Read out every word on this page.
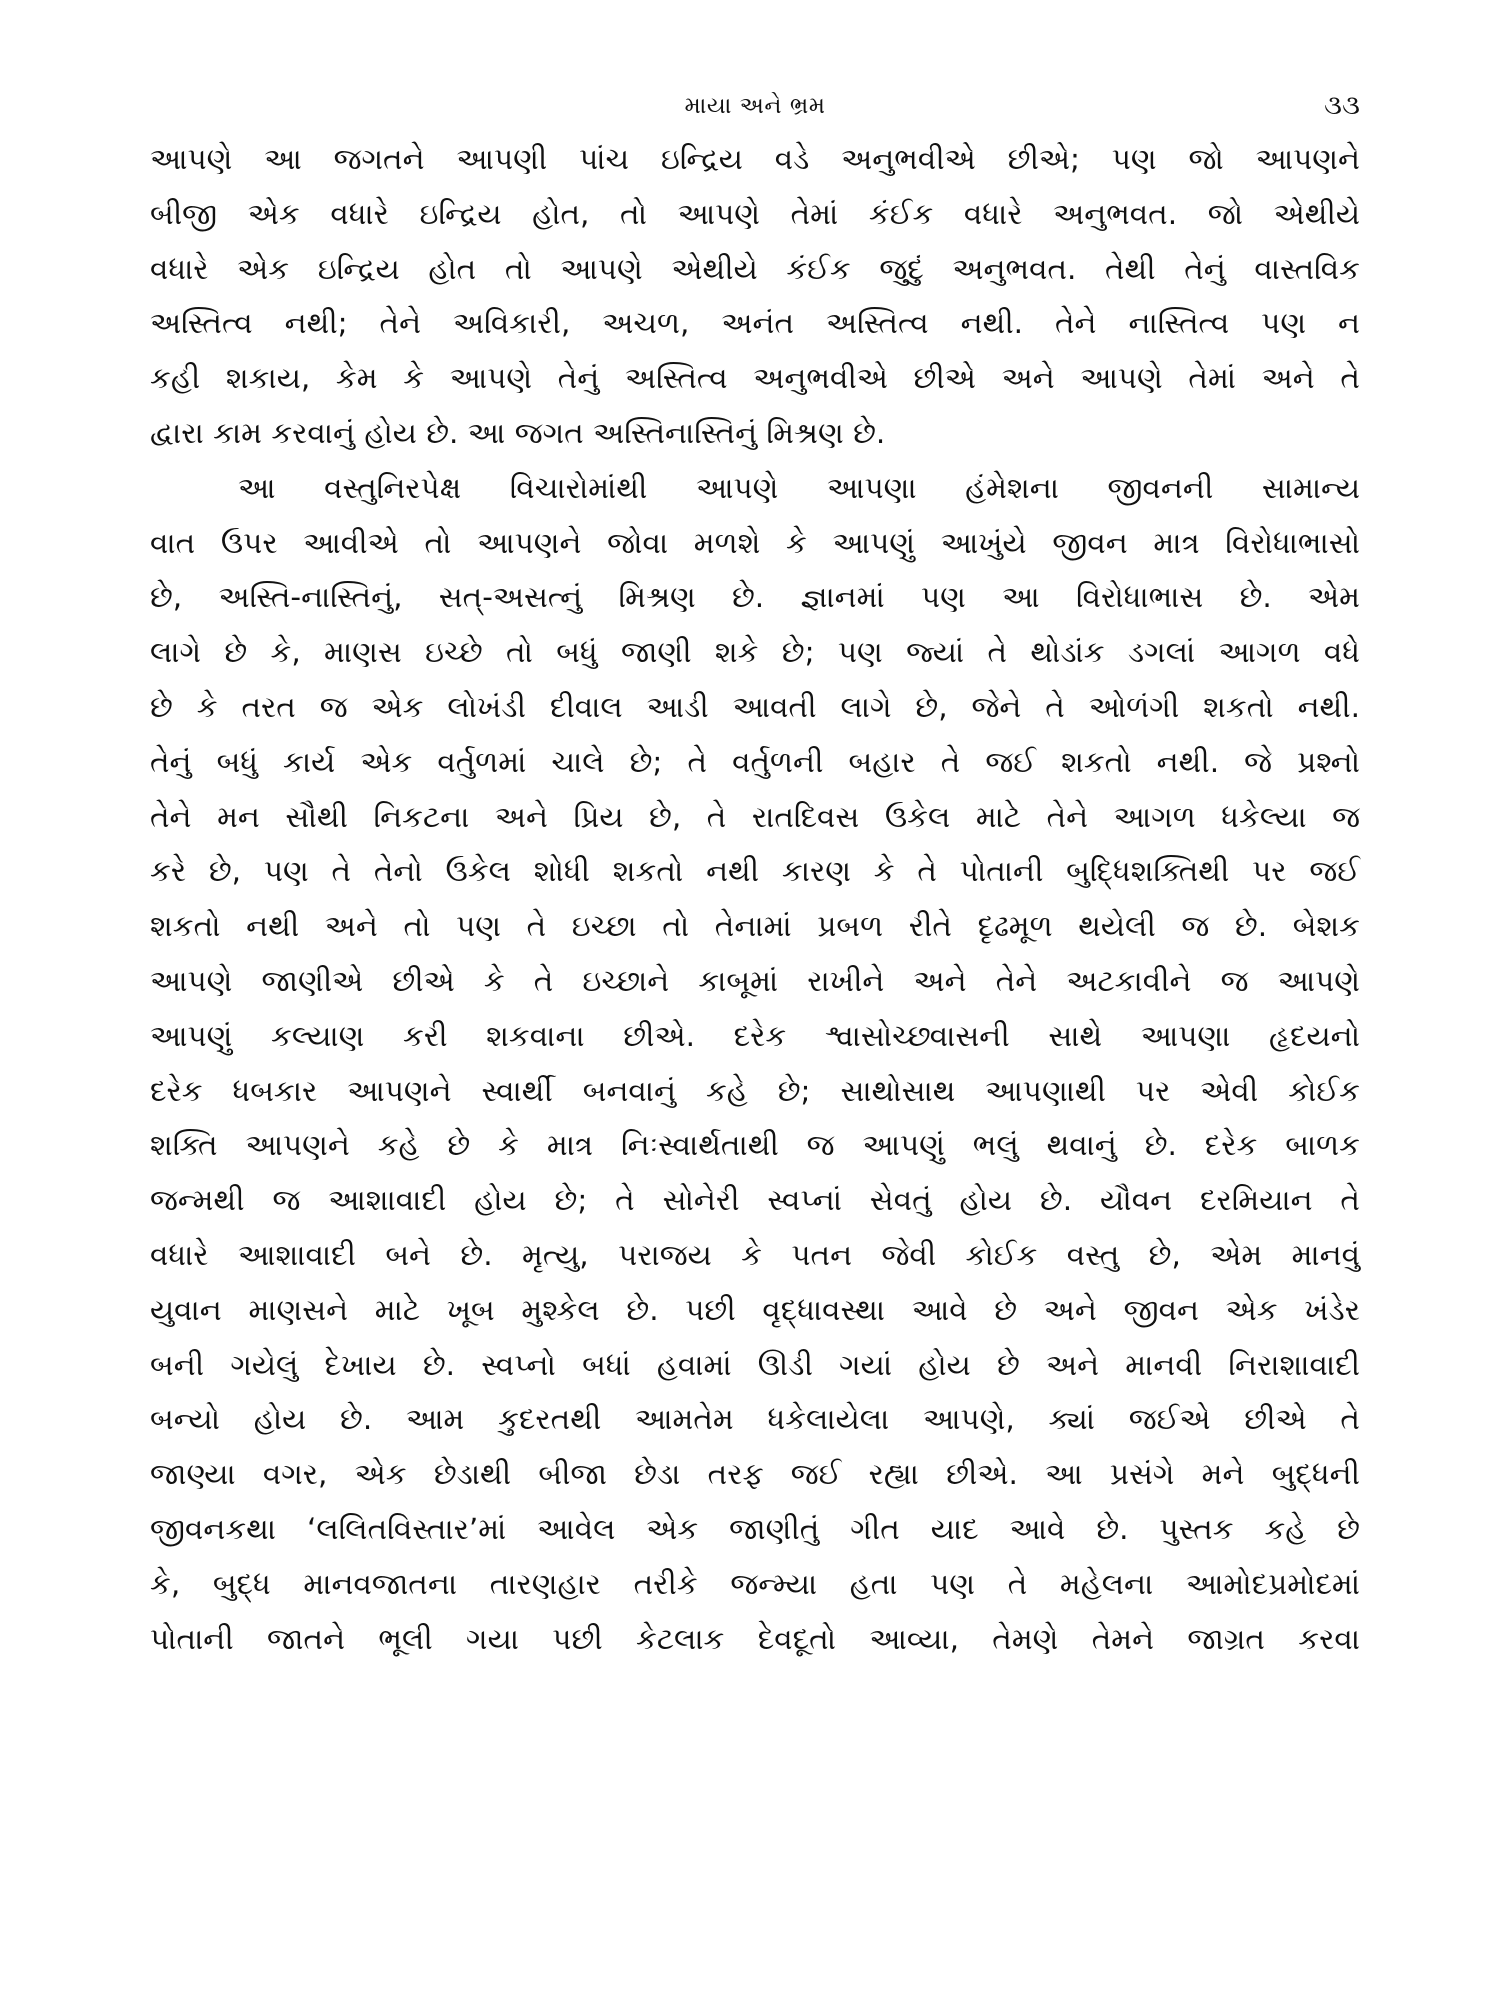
માયા અને ભ્રમ	૩૩
આપણે આ જગતને આપણી પાંચ ઇન્દ્રિય વડે અનુભવીએ છીએ; પણ જો આપણને
બીજી એક વધારે ઇન્દ્રિય હોત, તો આપણે તેમાં કંઈક વધારે અનુભવત. જો એથીયે
વધારે એક ઇન્દ્રિય હોત તો આપણે એથીયે કંઈક જુદું અનુભવત. તેથી તેનું વાસ્તવિક
અસ્તિત્વ નથી; તેને અવિકારી, અચળ, અનંત અસ્તિત્વ નથી. તેને નાસ્તિત્વ પણ ન
કહી શકાય, કેમ કે આપણે તેનું અસ્તિત્વ અનુભવીએ છીએ અને આપણે તેમાં અને તે
દ્વારા કામ કરવાનું હોય છે. આ જગત અસ્તિનાસ્તિનું મિશ્રણ છે.
આ વસ્તુનિરપેક્ષ વિચારોમાંથી આપણે આપણા હંમેશના જીવનની સામાન્ય
વાત ઉપર આવીએ તો આપણને જોવા મળશે કે આપણું આખુંયે જીવન માત્ર વિરોધાભાસો
છે, અસ્તિ-નાસ્તિનું, સત્-અસત્નું મિશ્રણ છે. જ્ઞાનમાં પણ આ વિરોધાભાસ છે. એમ
લાગે છે કે, માણસ ઇચ્છે તો બધું જાણી શકે છે; પણ જ્યાં તે થોડાંક ડગલાં આગળ વધે
છે કે તરત જ એક લોખંડી દીવાલ આડી આવતી લાગે છે, જેને તે ઓળંગી શકતો નથી.
તેનું બધું કાર્ય એક વર્તુળમાં ચાલે છે; તે વર્તુળની બહાર તે જઈ શકતો નથી. જે પ્રશ્નો
તેને મન સૌથી નિકટના અને પ્રિય છે, તે રાતદિવસ ઉકેલ માટે તેને આગળ ધકેલ્યા જ
કરે છે, પણ તે તેનો ઉકેલ શોધી શકતો નથી કારણ કે તે પોતાની બુદ્ધિશક્તિથી પર જઈ
શકતો નથી અને તો પણ તે ઇચ્છા તો તેનામાં પ્રબળ રીતે દૃઢમૂળ થયેલી જ છે. બેશક
આપણે જાણીએ છીએ કે તે ઇચ્છાને કાબૂમાં રાખીને અને તેને અટકાવીને જ આપણે
આપણું કલ્યાણ કરી શકવાના છીએ. દરેક શ્વાસોચ્છ્વાસની સાથે આપણા હૃદયનો
દરેક ધબકાર આપણને સ્વાર્થી બનવાનું કહે છે; સાથોસાથ આપણાથી પર એવી કોઈક
શક્તિ આપણને કહે છે કે માત્ર નિઃસ્વાર્થતાથી જ આપણું ભલું થવાનું છે. દરેક બાળક
જન્મથી જ આશાવાદી હોય છે; તે સોનેરી સ્વપ્નાં સેવતું હોય છે. યૌવન દરમિયાન તે
વધારે આશાવાદી બને છે. મૃત્યુ, પરાજય કે પતન જેવી કોઈક વસ્તુ છે, એમ માનવું
યુવાન માણસને માટે ખૂબ મુશ્કેલ છે. પછી વૃદ્ધાવસ્થા આવે છે અને જીવન એક ખંડેર
બની ગયેલું દેખાય છે. સ્વપ્નો બધાં હવામાં ઊડી ગયાં હોય છે અને માનવી નિરાશાવાદી
બન્યો હોય છે. આમ કુદરતથી આમતેમ ધકેલાયેલા આપણે, ક્યાં જઈએ છીએ તે
જાણ્યા વગર, એક છેડાથી બીજા છેડા તરફ જઈ રહ્યા છીએ. આ પ્રસંગે મને બુદ્ધની
જીવનકથા ‘લલિતવિસ્તાર’માં આવેલ એક જાણીતું ગીત યાદ આવે છે. પુસ્તક કહે છે
કે, બુદ્ધ માનવજાતના તારણહાર તરીકે જન્મ્યા હતા પણ તે મહેલના આમોદપ્રમોદમાં
પોતાની જાતને ભૂલી ગયા પછી કેટલાક દેવદૂતો આવ્યા, તેમણે તેમને જાગ્રત કરવા
